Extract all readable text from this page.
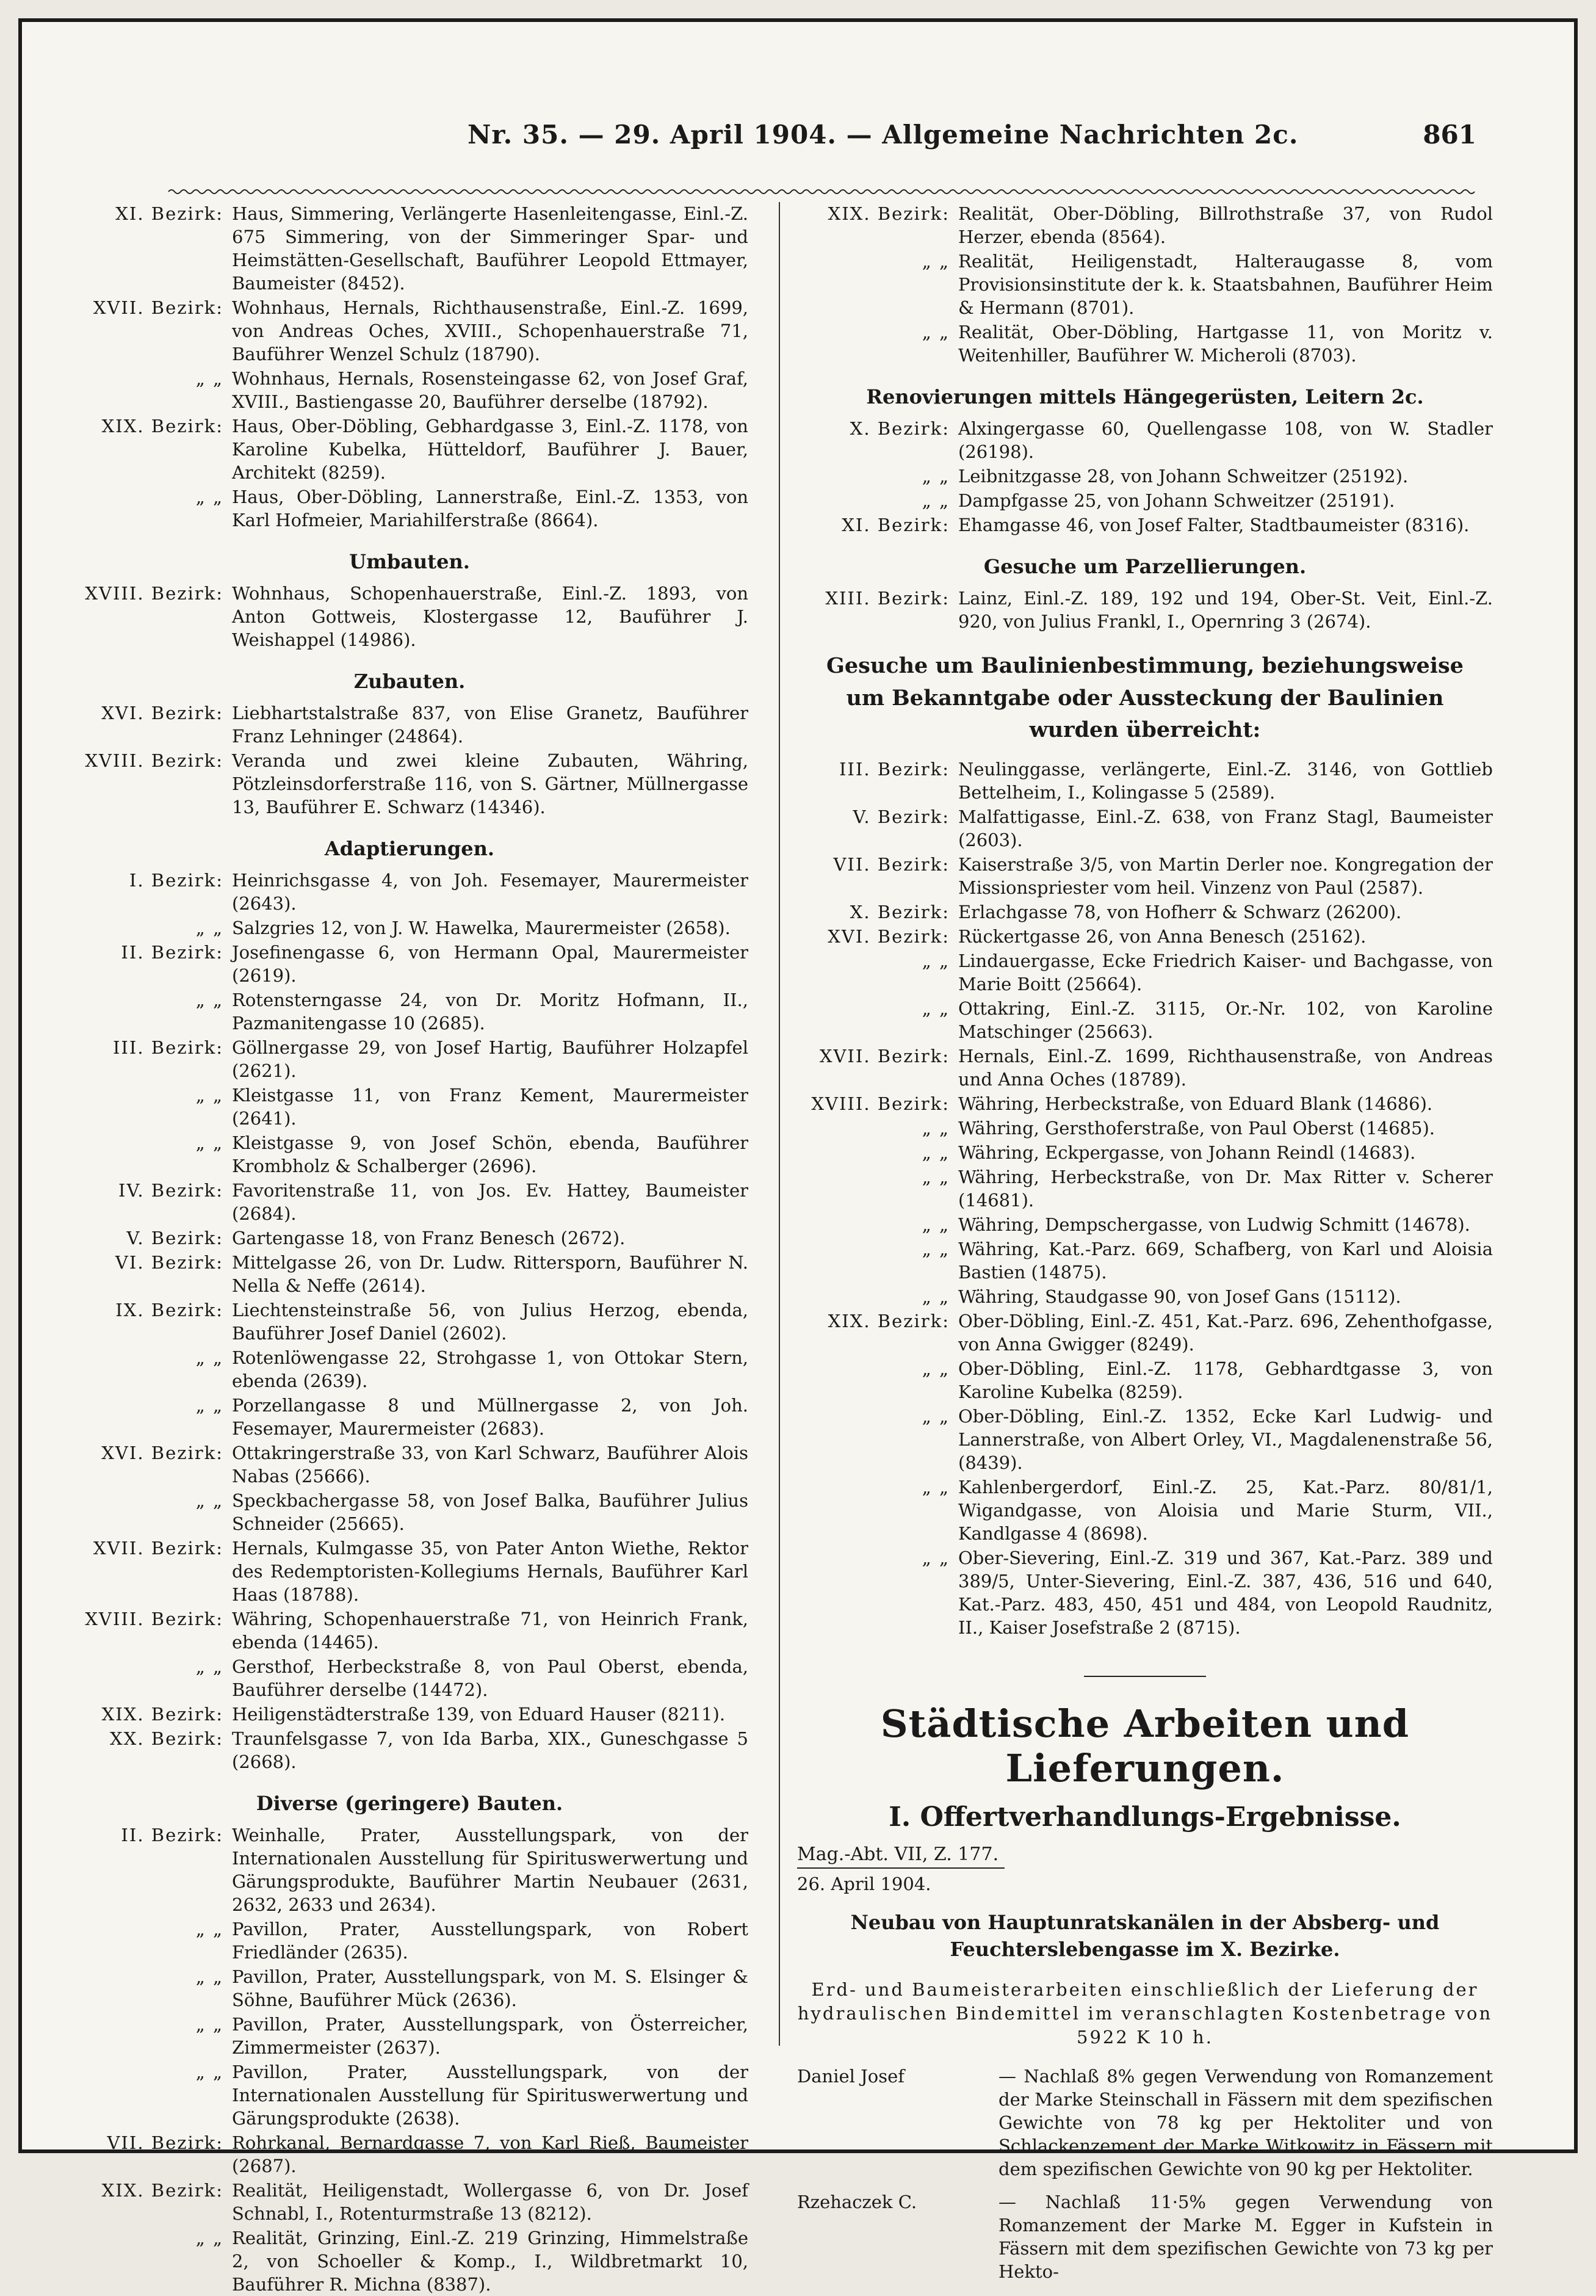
Nr. 35. — 29. April 1904. — Allgemeine Nachrichten 2c.	861
XI. Bezirk: Haus, Simmering, Verlängerte Hasenleitengasse, Einl.-Z. 675 Simmering, von der Simmeringer Spar- und Heimstätten-Gesellschaft, Bauführer Leopold Ettmayer, Baumeister (8452).
XVII. Bezirk: Wohnhaus, Hernals, Richthausenstraße, Einl.-Z. 1699, von Andreas Oches, XVIII., Schopenhauerstraße 71, Bauführer Wenzel Schulz (18790).
„ „ Wohnhaus, Hernals, Rosensteingasse 62, von Josef Graf, XVIII., Bastiengasse 20, Bauführer derselbe (18792).
XIX. Bezirk: Haus, Ober-Döbling, Gebhardgasse 3, Einl.-Z. 1178, von Karoline Kubelka, Hütteldorf, Bauführer J. Bauer, Architekt (8259).
„ „ Haus, Ober-Döbling, Lannerstraße, Einl.-Z. 1353, von Karl Hofmeier, Mariahilferstraße (8664).
Umbauten.
XVIII. Bezirk: Wohnhaus, Schopenhauerstraße, Einl.-Z. 1893, von Anton Gottweis, Klostergasse 12, Bauführer J. Weishappel (14986).
Zubauten.
XVI. Bezirk: Liebhartstalstraße 837, von Elise Granetz, Bauführer Franz Lehninger (24864).
XVIII. Bezirk: Veranda und zwei kleine Zubauten, Währing, Pötzleinsdorferstraße 116, von S. Gärtner, Müllnergasse 13, Bauführer E. Schwarz (14346).
Adaptierungen.
I. Bezirk: Heinrichsgasse 4, von Joh. Fesemayer, Maurermeister (2643).
„ „ Salzgries 12, von J. W. Hawelka, Maurermeister (2658).
II. Bezirk: Josefinengasse 6, von Hermann Opal, Maurermeister (2619).
„ „ Rotensterngasse 24, von Dr. Moritz Hofmann, II., Pazmanitengasse 10 (2685).
III. Bezirk: Göllnergasse 29, von Josef Hartig, Bauführer Holzapfel (2621).
„ „ Kleistgasse 11, von Franz Kement, Maurermeister (2641).
„ „ Kleistgasse 9, von Josef Schön, ebenda, Bauführer Krombholz & Schalberger (2696).
IV. Bezirk: Favoritenstraße 11, von Jos. Ev. Hattey, Baumeister (2684).
V. Bezirk: Gartengasse 18, von Franz Benesch (2672).
VI. Bezirk: Mittelgasse 26, von Dr. Ludw. Ritterspo​rn, Bauführer N. Nella & Neffe (2614).
IX. Bezirk: Liechtensteinstraße 56, von Julius Herzog, ebenda, Bauführer Josef Daniel (2602).
„ „ Rotenlöwengasse 22, Strohgasse 1, von Ottokar Stern, ebenda (2639).
„ „ Porzellangasse 8 und Müllnergasse 2, von Joh. Fesemayer, Maurermeister (2683).
XVI. Bezirk: Ottakringerstraße 33, von Karl Schwarz, Bauführer Alois Nabas (25666).
„ „ Speckbachergasse 58, von Josef Balka, Bauführer Julius Schneider (25665).
XVII. Bezirk: Hernals, Kulmgasse 35, von Pater Anton Wiethe, Rektor des Redemptoristen-Kollegiums Hernals, Bauführer Karl Haas (18788).
XVIII. Bezirk: Währing, Schopenhauerstraße 71, von Heinrich Frank, ebenda (14465).
„ „ Gersthof, Herbeckstraße 8, von Paul Oberst, ebenda, Bauführer derselbe (14472).
XIX. Bezirk: Heiligenstädterstraße 139, von Eduard Hauser (8211).
XX. Bezirk: Traunfelsgasse 7, von Ida Barba, XIX., Guneschgasse 5 (2668).
Diverse (geringere) Bauten.
II. Bezirk: Weinhalle, Prater, Ausstellungspark, von der Internationalen Ausstellung für Spirituswerwertung und Gärungsprodukte, Bauführer Martin Neubauer (2631, 2632, 2633 und 2634).
„ „ Pavillon, Prater, Ausstellungspark, von Robert Friedländer (2635).
„ „ Pavillon, Prater, Ausstellungspark, von M. S. Elsinger & Söhne, Bauführer Mück (2636).
„ „ Pavillon, Prater, Ausstellungspark, von Österreicher, Zimmermeister (2637).
„ „ Pavillon, Prater, Ausstellungspark, von der Internationalen Ausstellung für Spirituswerwertung und Gärungsprodukte (2638).
VII. Bezirk: Rohrkanal, Bernardgasse 7, von Karl Rieß, Baumeister (2687).
XIX. Bezirk: Realität, Heiligenstadt, Wollergasse 6, von Dr. Josef Schnabl, I., Rotenturmstraße 13 (8212).
„ „ Realität, Grinzing, Einl.-Z. 219 Grinzing, Himmelstraße 2, von Schoeller & Komp., I., Wildbretmarkt 10, Bauführer R. Michna (8387).
XIX. Bezirk: Realität, Ober-Döbling, Billrothstraße 37, von Rudol Herzer, ebenda (8564).
„ „ Realität, Heiligenstadt, Halteraugasse 8, vom Provisionsinstitute der k. k. Staatsbahnen, Bauführer Heim & Hermann (8701).
„ „ Realität, Ober-Döbling, Hartgasse 11, von Moritz v. Weitenhiller, Bauführer W. Micheroli (8703).
Renovierungen mittels Hängegerüsten, Leitern 2c.
X. Bezirk: Alxingergasse 60, Quellengasse 108, von W. Stadler (26198).
„ „ Leibnitzgasse 28, von Johann Schweitzer (25192).
„ „ Dampfgasse 25, von Johann Schweitzer (25191).
XI. Bezirk: Ehamgasse 46, von Josef Falter, Stadtbaumeister (8316).
Gesuche um Parzellierungen.
XIII. Bezirk: Lainz, Einl.-Z. 189, 192 und 194, Ober-St. Veit, Einl.-Z. 920, von Julius Frankl, I., Opernring 3 (2674).
Gesuche um Baulinienbestimmung, beziehungsweise um Bekanntgabe oder Aussteckung der Baulinien wurden überreicht:
III. Bezirk: Neulinggasse, verlängerte, Einl.-Z. 3146, von Gottlieb Bettelheim, I., Kolingasse 5 (2589).
V. Bezirk: Malfattigasse, Einl.-Z. 638, von Franz Stagl, Baumeister (2603).
VII. Bezirk: Kaiserstraße 3/5, von Martin Derler noe. Kongregation der Missionspriester vom heil. Vinzenz von Paul (2587).
X. Bezirk: Erlachgasse 78, von Hofherr & Schwarz (26200).
XVI. Bezirk: Rückertgasse 26, von Anna Benesch (25162).
„ „ Lindauergasse, Ecke Friedrich Kaiser- und Bachgasse, von Marie Boitt (25664).
„ „ Ottakring, Einl.-Z. 3115, Or.-Nr. 102, von Karoline Matschinger (25663).
XVII. Bezirk: Hernals, Einl.-Z. 1699, Richthausenstraße, von Andreas und Anna Oches (18789).
XVIII. Bezirk: Währing, Herbeckstraße, von Eduard Blank (14686).
„ „ Währing, Gersthoferstraße, von Paul Oberst (14685).
„ „ Währing, Eckpergasse, von Johann Reindl (14683).
„ „ Währing, Herbeckstraße, von Dr. Max Ritter v. Scherer (14681).
„ „ Währing, Dempschergasse, von Ludwig Schmitt (14678).
„ „ Währing, Kat.-Parz. 669, Schafberg, von Karl und Aloisia Bastien (14875).
„ „ Währing, Staudgasse 90, von Josef Gans (15112).
XIX. Bezirk: Ober-Döbling, Einl.-Z. 451, Kat.-Parz. 696, Zehenthofgasse, von Anna Gwigger (8249).
„ „ Ober-Döbling, Einl.-Z. 1178, Gebhardtgasse 3, von Karoline Kubelka (8259).
„ „ Ober-Döbling, Einl.-Z. 1352, Ecke Karl Ludwig- und Lannerstraße, von Albert Orley, VI., Magdalenenstraße 56, (8439).
„ „ Kahlenbergerdorf, Einl.-Z. 25, Kat.-Parz. 80/81/1, Wigandgasse, von Aloisia und Marie Sturm, VII., Kandlgasse 4 (8698).
„ „ Ober-Sievering, Einl.-Z. 319 und 367, Kat.-Parz. 389 und 389/5, Unter-Sievering, Einl.-Z. 387, 436, 516 und 640, Kat.-Parz. 483, 450, 451 und 484, von Leopold Raudnitz, II., Kaiser Josefstraße 2 (8715).
Städtische Arbeiten und Lieferungen.
I. Offertverhandlungs-Ergebnisse.
Mag.-Abt. VII, Z. 177.
26. April 1904.
Neubau von Hauptunratskanälen in der Absberg- und Feuchterslebengasse im X. Bezirke.
Erd- und Baumeisterarbeiten einschließlich der Lieferung der hydraulischen Bindemittel im veranschlagten Kostenbetrage von 5922 K 10 h.
Daniel Josef	— Nachlaß 8% gegen Verwendung von Romanzement der Marke Steinschall in Fässern mit dem spezifischen Gewichte von 78 kg per Hektoliter und von Schlackenzement der Marke Witkowitz in Fässern mit dem spezifischen Gewichte von 90 kg per Hektoliter.
Rzehaczek C.	— Nachlaß 11·5% gegen Verwendung von Romanzement der Marke M. Egger in Kufstein in Fässern mit dem spezifischen Gewichte von 73 kg per Hekto-
